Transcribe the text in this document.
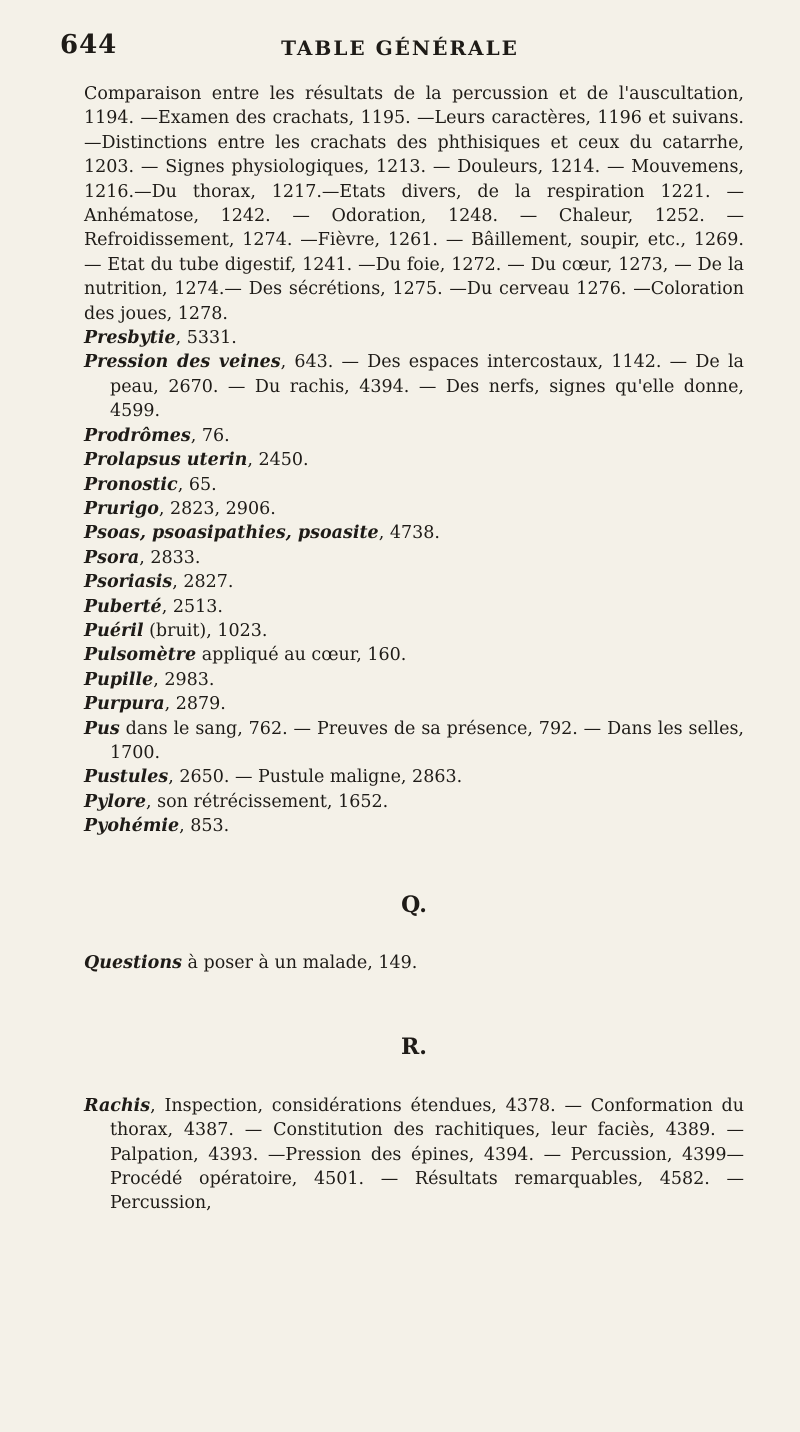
644	TABLE GÉNÉRALE

Comparaison entre les résultats de la percussion et de l'auscultation, 1194. —Examen des crachats, 1195. —Leurs caractères, 1196 et suivans.—Distinctions entre les crachats des phthisiques et ceux du catarrhe, 1203. — Signes physiologiques, 1213. — Douleurs, 1214. — Mouvemens, 1216.—Du thorax, 1217.—Etats divers, de la respiration 1221. —Anhématose, 1242. — Odoration, 1248. — Chaleur, 1252. — Refroidissement, 1274. —Fièvre, 1261. — Bâillement, soupir, etc., 1269. — Etat du tube digestif, 1241. —Du foie, 1272. — Du cœur, 1273, — De la nutrition, 1274.— Des sécrétions, 1275. —Du cerveau 1276. —Coloration des joues, 1278.

Presbytie, 5331.

Pression des veines, 643. — Des espaces intercostaux, 1142. — De la peau, 2670. — Du rachis, 4394. — Des nerfs, signes qu'elle donne, 4599.

Prodrômes, 76.

Prolapsus uterin, 2450.

Pronostic, 65.

Prurigo, 2823, 2906.

Psoas, psoasipathies, psoasite, 4738.

Psora, 2833.

Psoriasis, 2827.

Puberté, 2513.

Puéril (bruit), 1023.

Pulsomètre appliqué au cœur, 160.

Pupille, 2983.

Purpura, 2879.

Pus dans le sang, 762. — Preuves de sa présence, 792. — Dans les selles, 1700.

Pustules, 2650. — Pustule maligne, 2863.

Pylore, son rétrécissement, 1652.

Pyohémie, 853.

Q.

Questions à poser à un malade, 149.

R.

Rachis, Inspection, considérations étendues, 4378. — Conformation du thorax, 4387. — Constitution des rachitiques, leur faciès, 4389. — Palpation, 4393. —Pression des épines, 4394. — Percussion, 4399— Procédé opératoire, 4501. — Résultats remarquables, 4582. — Percussion,
